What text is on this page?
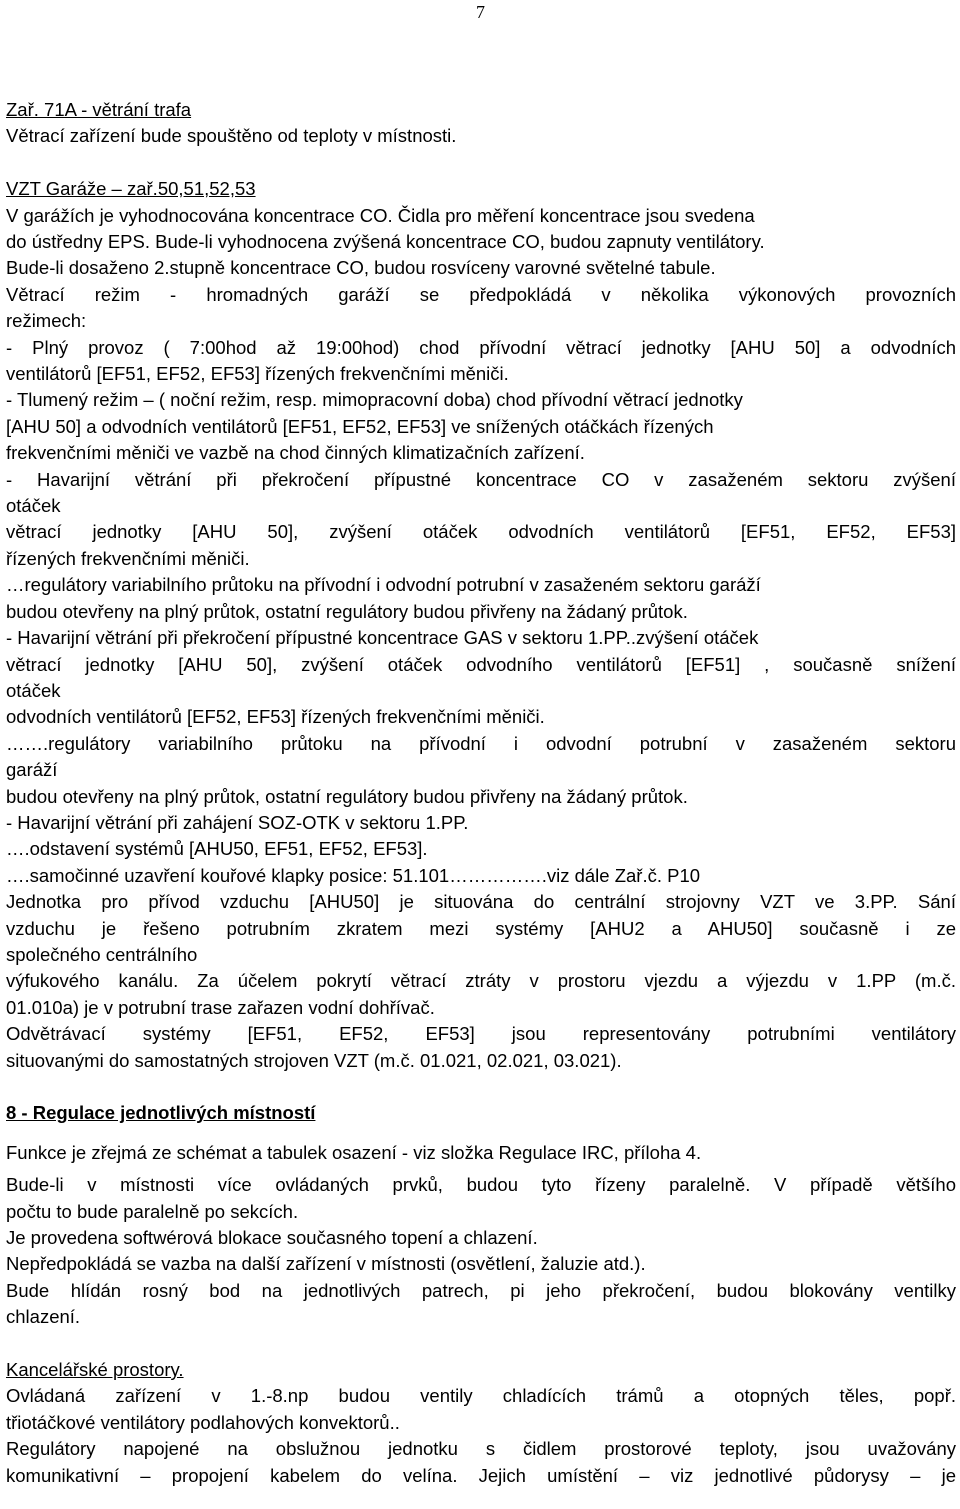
7

Zař. 71A - větrání trafa

Větrací zařízení bude spouštěno od teploty v místnosti.

VZT Garáže – zař.50,51,52,53

V garážích je vyhodnocována koncentrace CO. Čidla pro měření koncentrace jsou svedena

do ústředny EPS. Bude-li vyhodnocena zvýšená koncentrace CO, budou zapnuty ventilátory.

Bude-li dosaženo 2.stupně koncentrace CO, budou rosvíceny varovné světelné tabule.

Větrací režim - hromadných garáží se předpokládá v několika výkonových provozních

režimech:

- Plný provoz ( 7:00hod až 19:00hod) chod přívodní větrací jednotky [AHU 50] a odvodních

ventilátorů [EF51, EF52, EF53] řízených frekvenčními měniči.

- Tlumený režim – ( noční režim, resp. mimopracovní doba) chod přívodní větrací jednotky

[AHU 50] a odvodních ventilátorů [EF51, EF52, EF53] ve snížených otáčkách řízených

frekvenčními měniči ve vazbě na chod činných klimatizačních zařízení.

- Havarijní větrání při překročení přípustné koncentrace CO v zasaženém sektoru zvýšení

otáček

větrací jednotky [AHU 50], zvýšení otáček odvodních ventilátorů [EF51, EF52, EF53]

řízených frekvenčními měniči.

…regulátory variabilního průtoku na přívodní i odvodní potrubní v zasaženém sektoru garáží

budou otevřeny na plný průtok, ostatní regulátory budou přivřeny na žádaný průtok.

- Havarijní větrání při překročení přípustné koncentrace GAS v sektoru 1.PP..zvýšení otáček

větrací jednotky [AHU 50], zvýšení otáček odvodního ventilátorů [EF51] , současně snížení

otáček

odvodních ventilátorů [EF52, EF53] řízených frekvenčními měniči.

…….regulátory variabilního průtoku na přívodní i odvodní potrubní v zasaženém sektoru

garáží

budou otevřeny na plný průtok, ostatní regulátory budou přivřeny na žádaný průtok.

- Havarijní větrání při zahájení SOZ-OTK v sektoru 1.PP.

….odstavení systémů [AHU50, EF51, EF52, EF53].

….samočinné uzavření kouřové klapky posice: 51.101…………….viz dále Zař.č. P10

Jednotka pro přívod vzduchu [AHU50] je situována do centrální strojovny VZT ve 3.PP. Sání

vzduchu je řešeno potrubním zkratem mezi systémy [AHU2 a AHU50] současně i ze

společného centrálního

výfukového kanálu. Za účelem pokrytí větrací ztráty v prostoru vjezdu a výjezdu v 1.PP (m.č.

01.010a) je v potrubní trase zařazen vodní dohřívač.

Odvětrávací systémy [EF51, EF52, EF53] jsou representovány potrubními ventilátory

situovanými do samostatných strojoven VZT (m.č. 01.021, 02.021, 03.021).

8 - Regulace jednotlivých místností

Funkce je zřejmá ze schémat a tabulek osazení - viz složka Regulace IRC, příloha 4.

Bude-li v místnosti více ovládaných prvků, budou tyto řízeny paralelně. V případě většího

počtu to bude paralelně po sekcích.

Je provedena softwérová blokace současného topení a chlazení.

Nepředpokládá se vazba na další zařízení v místnosti (osvětlení, žaluzie atd.).

Bude hlídán rosný bod na jednotlivých patrech, pi jeho překročení, budou blokovány ventilky

chlazení.

Kancelářské prostory.

Ovládaná zařízení v 1.-8.np budou ventily chladících trámů a otopných těles, popř.

třiotáčkové ventilátory podlahových konvektorů..

Regulátory napojené na obslužnou jednotku s čidlem prostorové teploty, jsou uvažovány

komunikativní – propojení kabelem do velína. Jejich umístění – viz jednotlivé půdorysy – je
